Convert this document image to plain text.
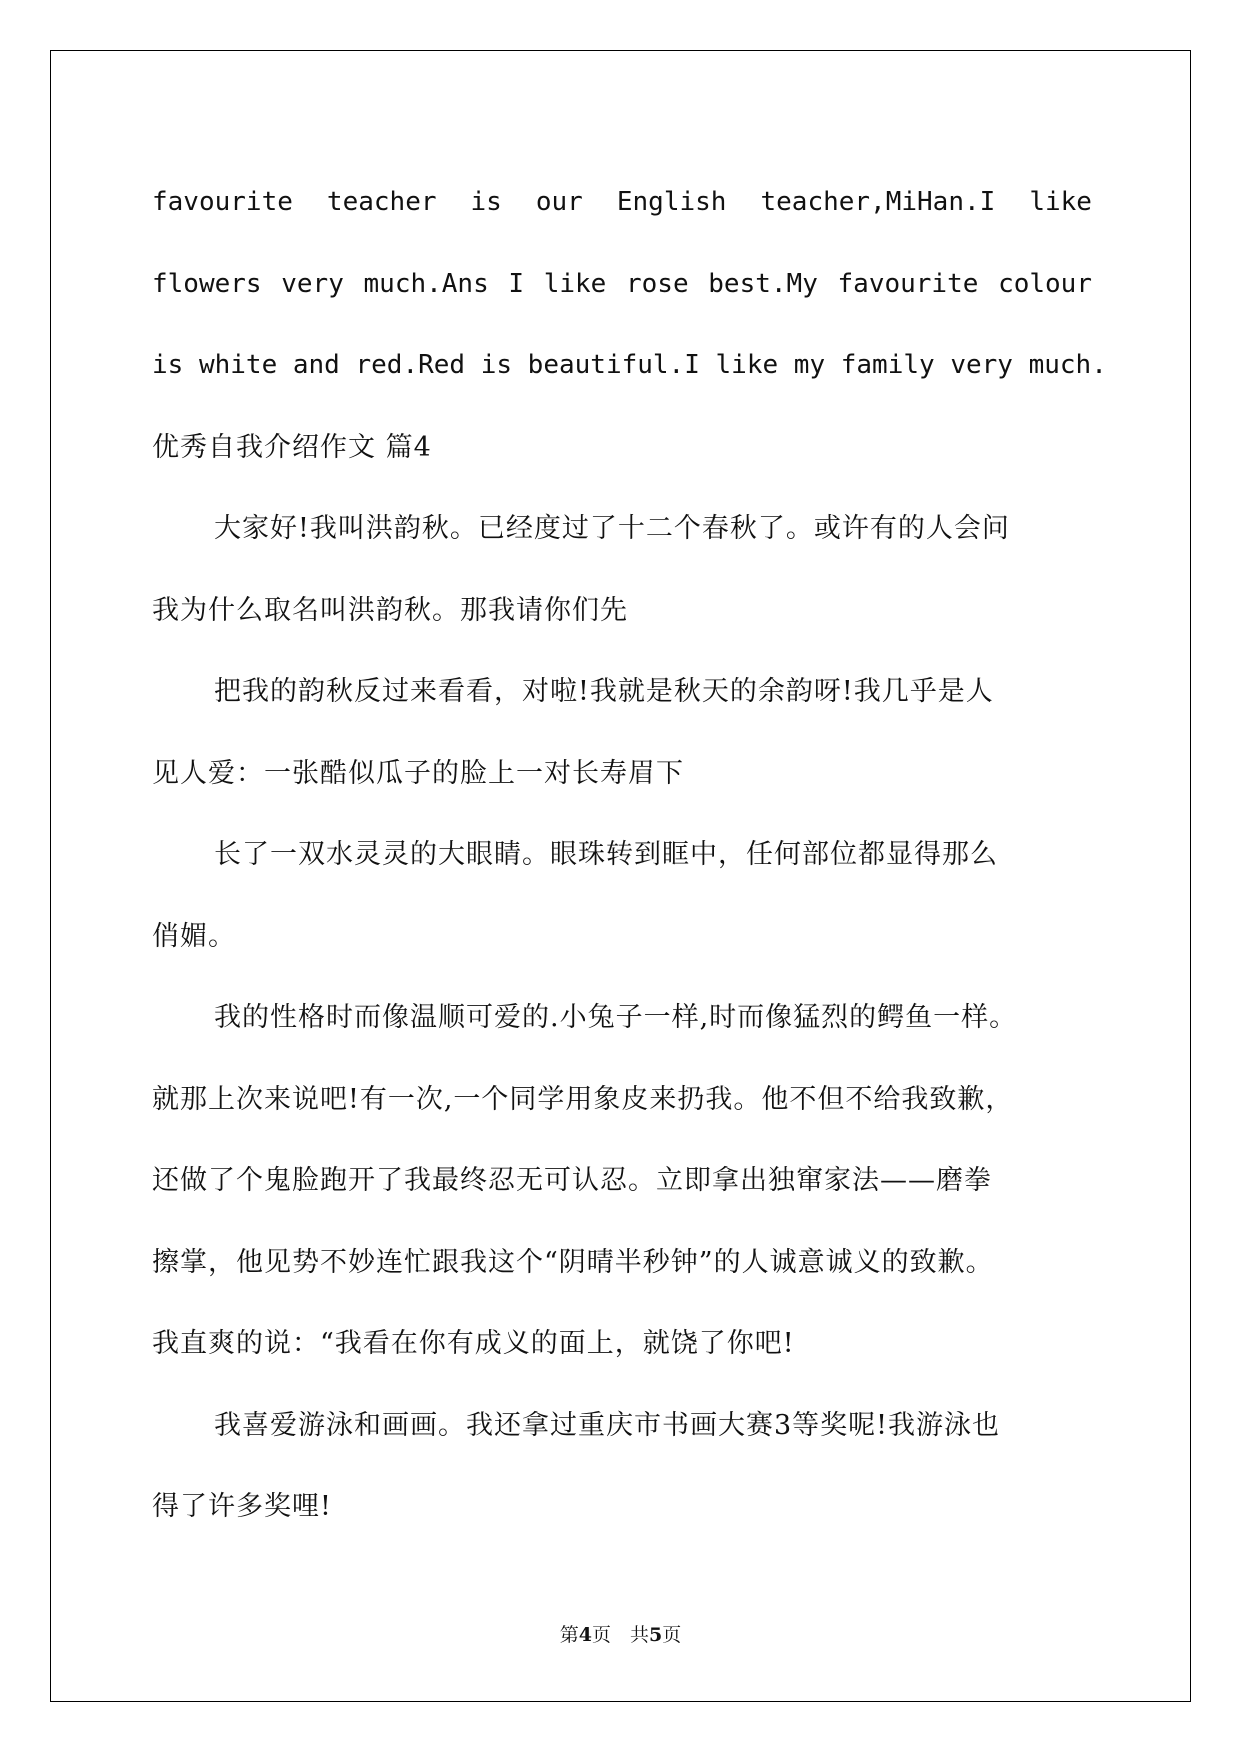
favourite teacher is our English teacher,MiHan.I like
flowers very much.Ans I like rose best.My favourite colour
is white and red.Red is beautiful.I like my family very much.
优秀自我介绍作文 篇4
大家好!我叫洪韵秋。已经度过了十二个春秋了。或许有的人会问
我为什么取名叫洪韵秋。那我请你们先
把我的韵秋反过来看看，对啦!我就是秋天的余韵呀!我几乎是人
见人爱：一张酷似瓜子的脸上一对长寿眉下
长了一双水灵灵的大眼睛。眼珠转到眶中，任何部位都显得那么
俏媚。
我的性格时而像温顺可爱的.小兔子一样,时而像猛烈的鳄鱼一样。
就那上次来说吧!有一次,一个同学用象皮来扔我。他不但不给我致歉，
还做了个鬼脸跑开了我最终忍无可认忍。立即拿出独窜家法——磨拳
擦掌，他见势不妙连忙跟我这个“阴晴半秒钟”的人诚意诚义的致歉。
我直爽的说：“我看在你有成义的面上，就饶了你吧!
我喜爱游泳和画画。我还拿过重庆市书画大赛3等奖呢!我游泳也
得了许多奖哩!
第4页　共5页
